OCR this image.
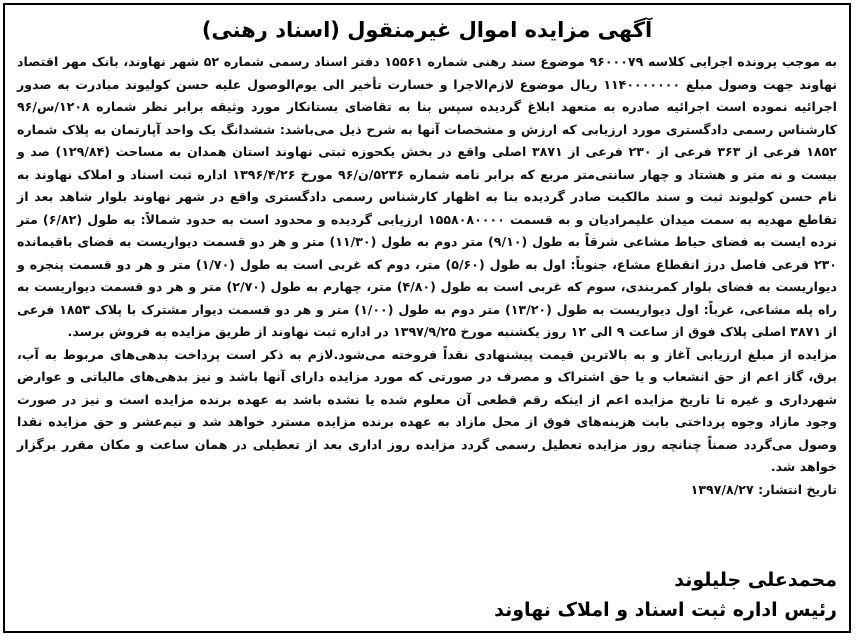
آگهی مزایده اموال غیرمنقول (اسناد رهنی)

به موجب پرونده اجرایی کلاسه ۹۶۰۰۰۷۹ موضوع سند رهنی شماره ۱۵۵۶۱ دفتر اسناد رسمی شماره ۵۲ شهر نهاوند، بانک مهر اقتصاد نهاوند جهت وصول مبلغ ۱۱۴۰۰۰۰۰۰۰ ریال موضوع لازم‌الاجرا و خسارت تأخیر الی یوم‌الوصول علیه حسن کولیوند مبادرت به صدور اجرائیه نموده است اجرائیه صادره به متعهد ابلاغ گردیده سپس بنا به تقاضای بستانکار مورد وثیقه برابر نظر شماره ۱۲۰۸/س/۹۶ کارشناس رسمی دادگستری مورد ارزیابی که ارزش و مشخصات آنها به شرح ذیل می‌باشد: ششدانگ یک واحد آپارتمان به پلاک شماره ۱۸۵۲ فرعی از ۳۶۳ فرعی از ۲۳۰ فرعی از ۳۸۷۱ اصلی واقع در بخش یکحوزه ثبتی نهاوند استان همدان به مساحت (۱۲۹/۸۴) صد و بیست و نه متر و هشتاد و چهار سانتی‌متر مربع که برابر نامه شماره ۵۲۳۶/ن/۹۶ مورخ ۱۳۹۶/۴/۲۶ اداره ثبت اسناد و املاک نهاوند به نام حسن کولیوند ثبت و سند مالکیت صادر گردیده بنا به اظهار کارشناس رسمی دادگستری واقع در شهر نهاوند بلوار شاهد بعد از تقاطع مهدیه به سمت میدان علیمرادیان و به قسمت ۱۵۵۸۰۸۰۰۰۰ ارزیابی گردیده و محدود است به حدود شمالاً: به طول (۶/۸۲) متر نرده ایست به فضای حیاط مشاعی شرقاً به طول (۹/۱۰) متر دوم به طول (۱۱/۳۰) متر و هر دو قسمت دیواریست به فضای باقیمانده ۲۳۰ فرعی فاصل درز انقطاع مشاع، جنوباً: اول به طول (۵/۶۰) متر، دوم که غربی است به طول (۱/۷۰) متر و هر دو قسمت پنجره و دیواریست به فضای بلوار کمربندی، سوم که غربی است به طول (۴/۸۰) متر، چهارم به طول (۲/۷۰) متر و هر دو قسمت دیواریست به راه پله مشاعی، غرباً: اول دیواریست به طول (۱۳/۲۰) متر دوم به طول (۱/۰۰) متر و هر دو قسمت دیوار مشترک با پلاک ۱۸۵۳ فرعی از ۳۸۷۱ اصلی پلاک فوق از ساعت ۹ الی ۱۲ روز یکشنبه مورخ ۱۳۹۷/۹/۲۵ در اداره ثبت نهاوند از طریق مزایده به فروش برسد.

مزایده از مبلغ ارزیابی آغاز و به بالاترین قیمت پیشنهادی نقداً فروخته می‌شود.لازم به ذکر است پرداخت بدهی‌های مربوط به آب، برق، گاز اعم از حق انشعاب و یا حق اشتراک و مصرف در صورتی که مورد مزایده دارای آنها باشد و نیز بدهی‌های مالیاتی و عوارض شهرداری و غیره تا تاریخ مزایده اعم از اینکه رقم قطعی آن معلوم شده یا نشده باشد به عهده برنده مزایده است و نیز در صورت وجود مازاد وجوه پرداختی بابت هزینه‌های فوق از محل مازاد به عهده برنده مزایده مسترد خواهد شد و نیم‌عشر و حق مزایده نقدا وصول می‌گردد ضمناً چنانچه روز مزایده تعطیل رسمی گردد مزایده روز اداری بعد از تعطیلی در همان ساعت و مکان مقرر برگزار خواهد شد.

تاریخ انتشار: ۱۳۹۷/۸/۲۷

محمدعلی جلیلوند
رئیس اداره ثبت اسناد و املاک نهاوند
